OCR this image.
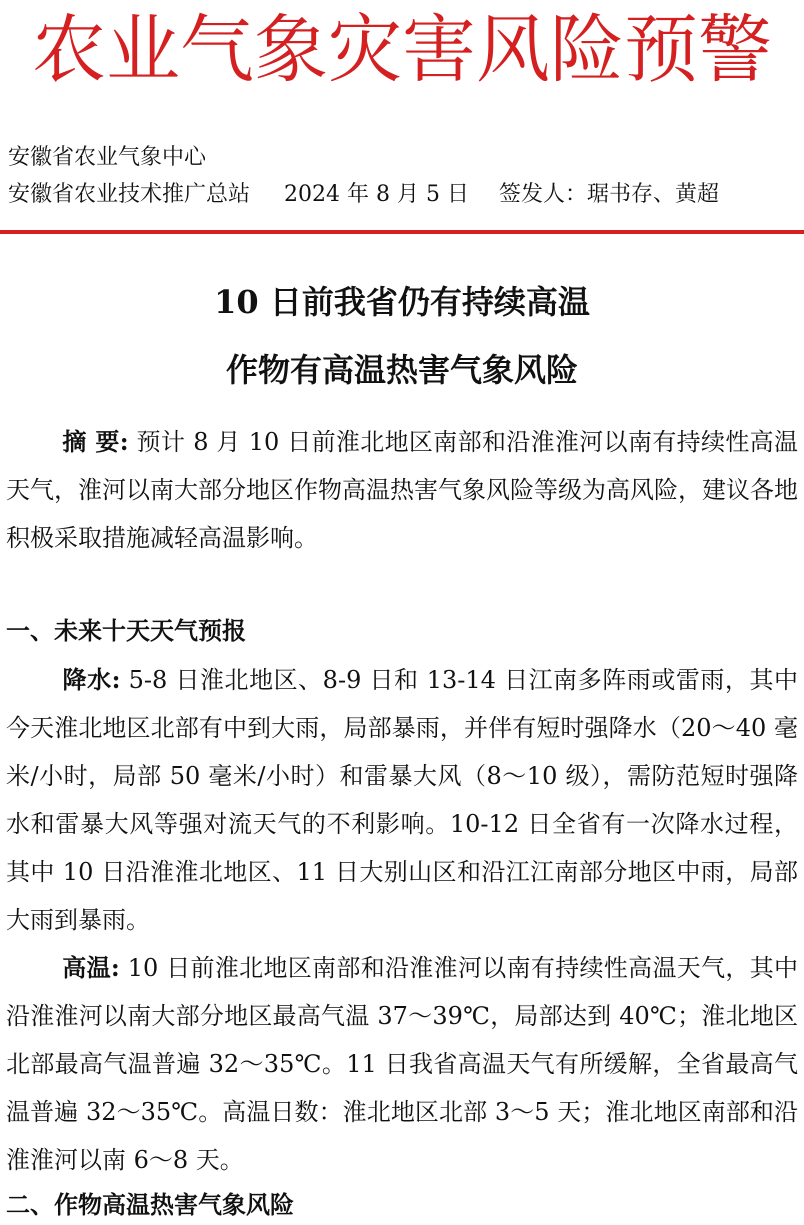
农业气象灾害风险预警
安徽省农业气象中心
安徽省农业技术推广总站 2024 年 8 月 5 日 签发人：琚书存、黄超
10 日前我省仍有持续高温
作物有高温热害气象风险

摘 要: 预计 8 月 10 日前淮北地区南部和沿淮淮河以南有持续性高温天气，淮河以南大部分地区作物高温热害气象风险等级为高风险，建议各地积极采取措施减轻高温影响。

一、未来十天天气预报

降水: 5-8 日淮北地区、8-9 日和 13-14 日江南多阵雨或雷雨，其中今天淮北地区北部有中到大雨，局部暴雨，并伴有短时强降水（20～40 毫米/小时，局部 50 毫米/小时）和雷暴大风（8～10 级），需防范短时强降水和雷暴大风等强对流天气的不利影响。10-12 日全省有一次降水过程，其中 10 日沿淮淮北地区、11 日大别山区和沿江江南部分地区中雨，局部大雨到暴雨。

高温: 10 日前淮北地区南部和沿淮淮河以南有持续性高温天气，其中沿淮淮河以南大部分地区最高气温 37～39℃，局部达到 40℃；淮北地区北部最高气温普遍 32～35℃。11 日我省高温天气有所缓解，全省最高气温普遍 32～35℃。高温日数：淮北地区北部 3～5 天；淮北地区南部和沿淮淮河以南 6～8 天。

二、作物高温热害气象风险
